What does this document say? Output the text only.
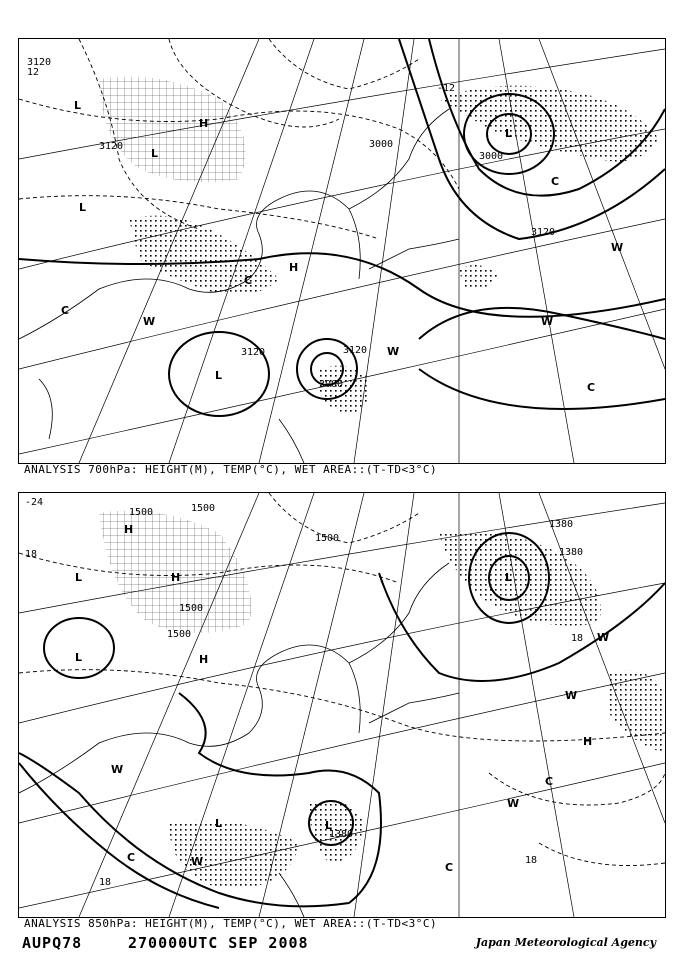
3120
3120	3000
3120
3120	3120
3000
3000
12
-12
L
H
L
L
C
H
L
L
W
W
W
C
C
C
W
ANALYSIS 700hPa: HEIGHT(M), TEMP(°C), WET AREA::(T-TD<3°C)
1500	1500
1500
1500
1500
1380
1380
1380
-24
18
18
18
18
L	H
H
L
H
W
L
W
C
L
W
C
W
H
W
C
L
ANALYSIS 850hPa: HEIGHT(M), TEMP(°C), WET AREA::(T-TD<3°C)
AUPQ78	270000UTC SEP 2008	Japan Meteorological Agency
